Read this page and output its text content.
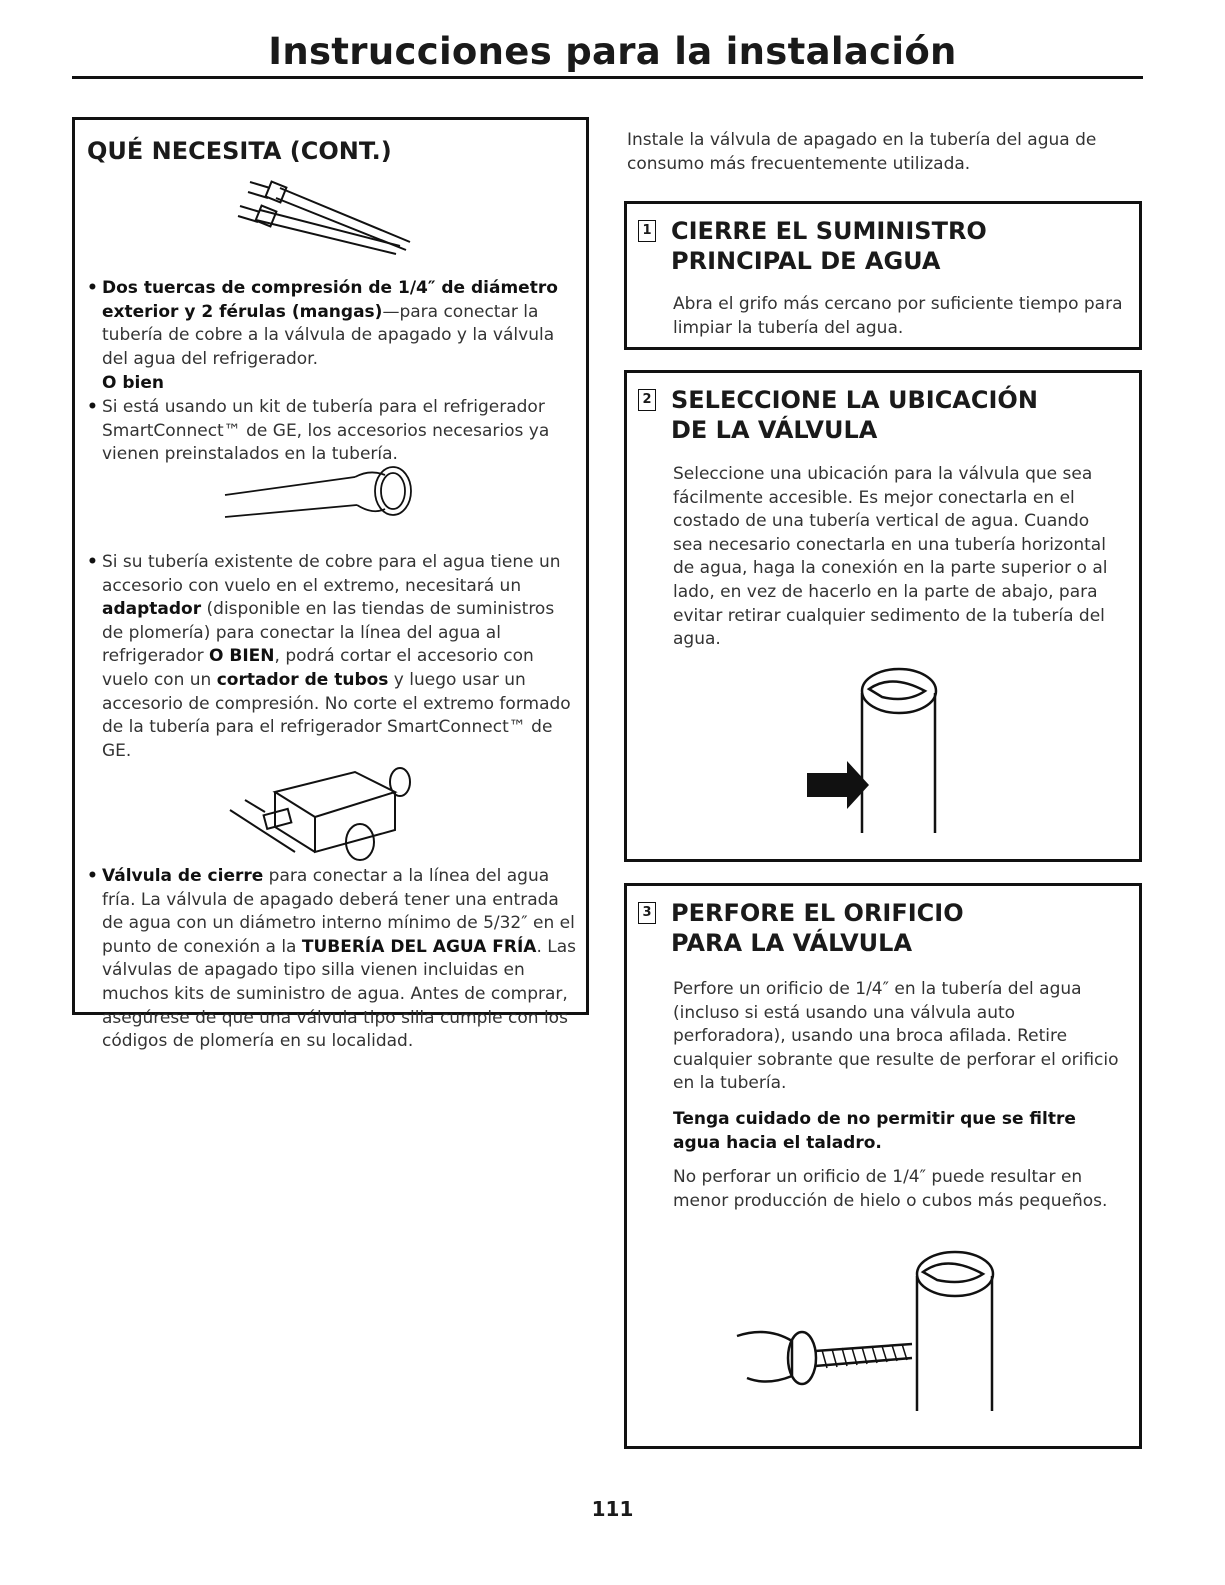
Instrucciones para la instalación
QUÉ NECESITA (CONT.)
• Dos tuercas de compresión de 1/4″ de diámetro exterior y 2 férulas (mangas)—para conectar la tubería de cobre a la válvula de apagado y la válvula del agua del refrigerador.
O bien
• Si está usando un kit de tubería para el refrigerador SmartConnect™ de GE, los accesorios necesarios ya vienen preinstalados en la tubería.
• Si su tubería existente de cobre para el agua tiene un accesorio con vuelo en el extremo, necesitará un adaptador (disponible en las tiendas de suministros de plomería) para conectar la línea del agua al refrigerador O BIEN, podrá cortar el accesorio con vuelo con un cortador de tubos y luego usar un accesorio de compresión. No corte el extremo formado de la tubería para el refrigerador SmartConnect™ de GE.
• Válvula de cierre para conectar a la línea del agua fría. La válvula de apagado deberá tener una entrada de agua con un diámetro interno mínimo de 5/32″ en el punto de conexión a la TUBERÍA DEL AGUA FRÍA. Las válvulas de apagado tipo silla vienen incluidas en muchos kits de suministro de agua. Antes de comprar, asegúrese de que una válvula tipo silla cumple con los códigos de plomería en su localidad.
Instale la válvula de apagado en la tubería del agua de consumo más frecuentemente utilizada.
1 CIERRE EL SUMINISTRO
PRINCIPAL DE AGUA
Abra el grifo más cercano por suficiente tiempo para limpiar la tubería del agua.
2 SELECCIONE LA UBICACIÓN
DE LA VÁLVULA
Seleccione una ubicación para la válvula que sea fácilmente accesible. Es mejor conectarla en el costado de una tubería vertical de agua. Cuando sea necesario conectarla en una tubería horizontal de agua, haga la conexión en la parte superior o al lado, en vez de hacerlo en la parte de abajo, para evitar retirar cualquier sedimento de la tubería del agua.
3 PERFORE EL ORIFICIO
PARA LA VÁLVULA
Perfore un orificio de 1/4″ en la tubería del agua (incluso si está usando una válvula auto perforadora), usando una broca afilada. Retire cualquier sobrante que resulte de perforar el orificio en la tubería.
Tenga cuidado de no permitir que se filtre agua hacia el taladro.
No perforar un orificio de 1/4″ puede resultar en menor producción de hielo o cubos más pequeños.
111
